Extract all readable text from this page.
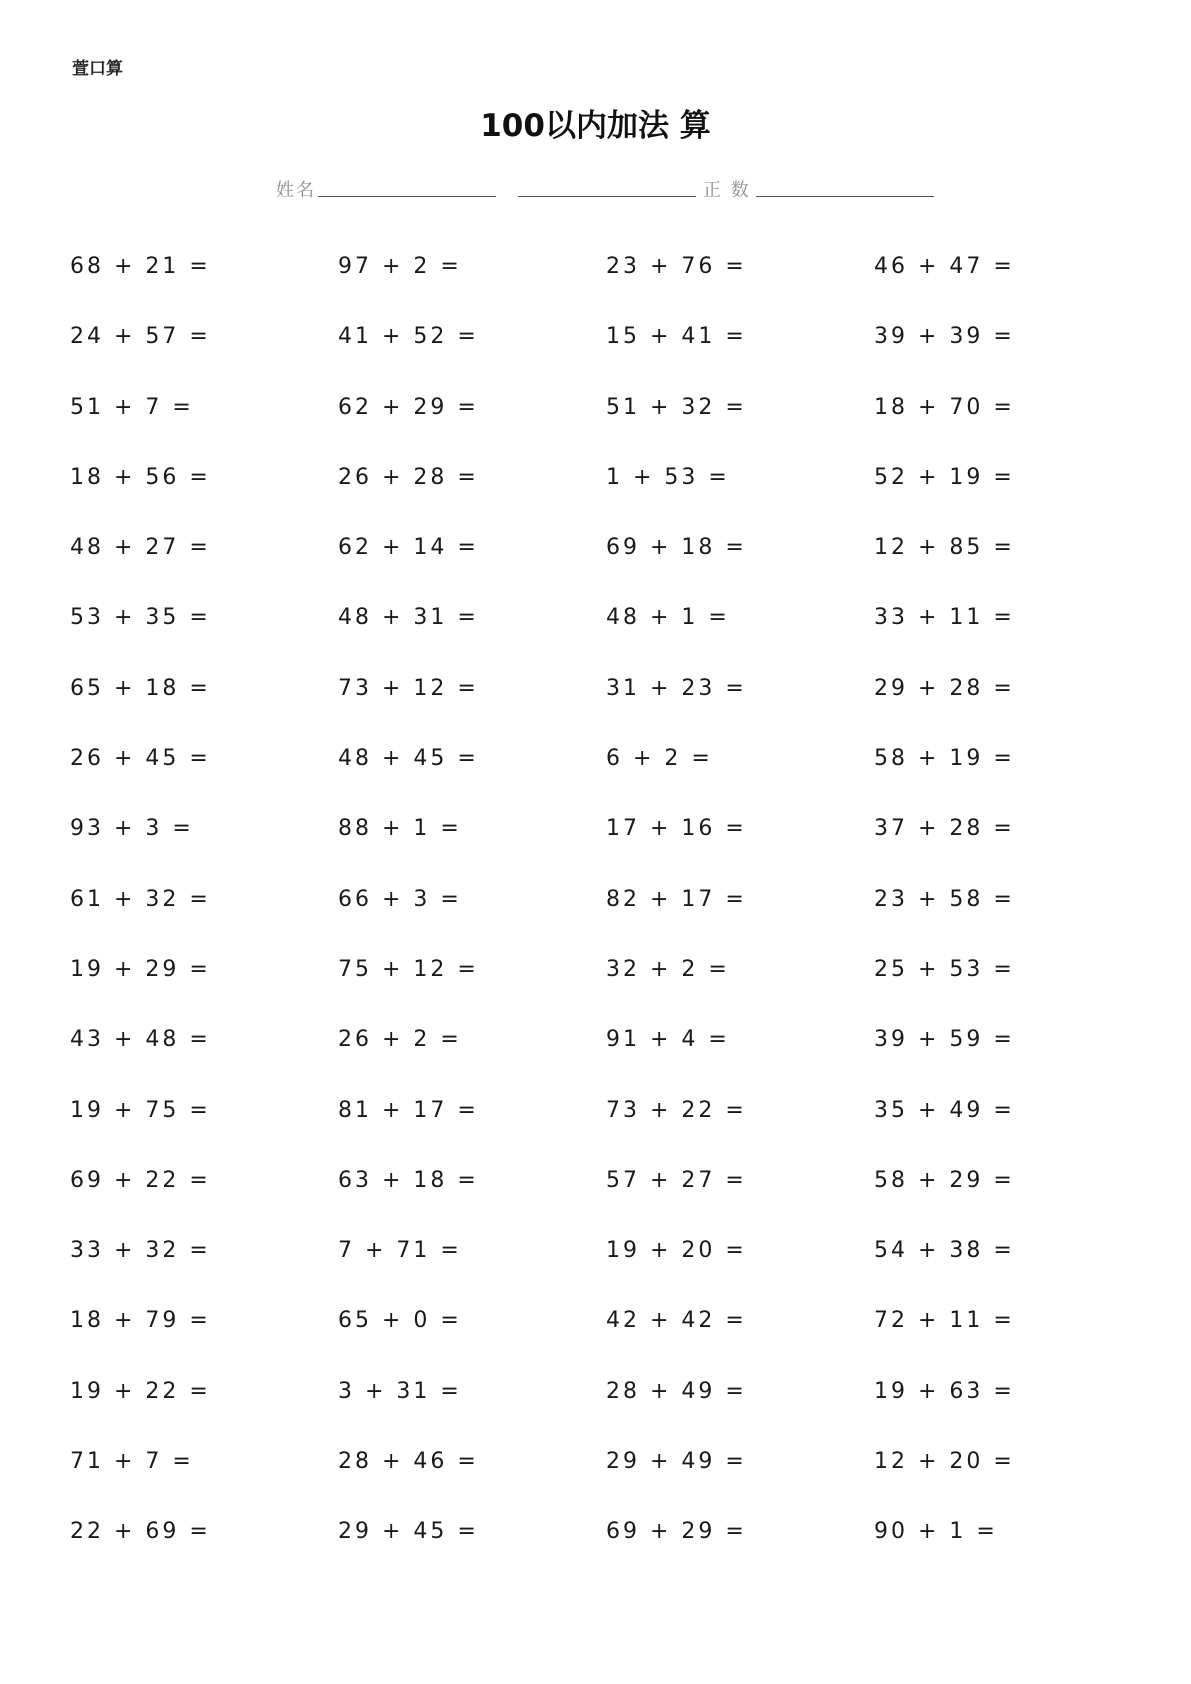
萱口算
100以内加法 算
姓名	正 数
68 + 21 =	97 + 2 =	23 + 76 =	46 + 47 =
24 + 57 =	41 + 52 =	15 + 41 =	39 + 39 =
51 + 7 =	62 + 29 =	51 + 32 =	18 + 70 =
18 + 56 =	26 + 28 =	1 + 53 =	52 + 19 =
48 + 27 =	62 + 14 =	69 + 18 =	12 + 85 =
53 + 35 =	48 + 31 =	48 + 1 =	33 + 11 =
65 + 18 =	73 + 12 =	31 + 23 =	29 + 28 =
26 + 45 =	48 + 45 =	6 + 2 =	58 + 19 =
93 + 3 =	88 + 1 =	17 + 16 =	37 + 28 =
61 + 32 =	66 + 3 =	82 + 17 =	23 + 58 =
19 + 29 =	75 + 12 =	32 + 2 =	25 + 53 =
43 + 48 =	26 + 2 =	91 + 4 =	39 + 59 =
19 + 75 =	81 + 17 =	73 + 22 =	35 + 49 =
69 + 22 =	63 + 18 =	57 + 27 =	58 + 29 =
33 + 32 =	7 + 71 =	19 + 20 =	54 + 38 =
18 + 79 =	65 + 0 =	42 + 42 =	72 + 11 =
19 + 22 =	3 + 31 =	28 + 49 =	19 + 63 =
71 + 7 =	28 + 46 =	29 + 49 =	12 + 20 =
22 + 69 =	29 + 45 =	69 + 29 =	90 + 1 =
